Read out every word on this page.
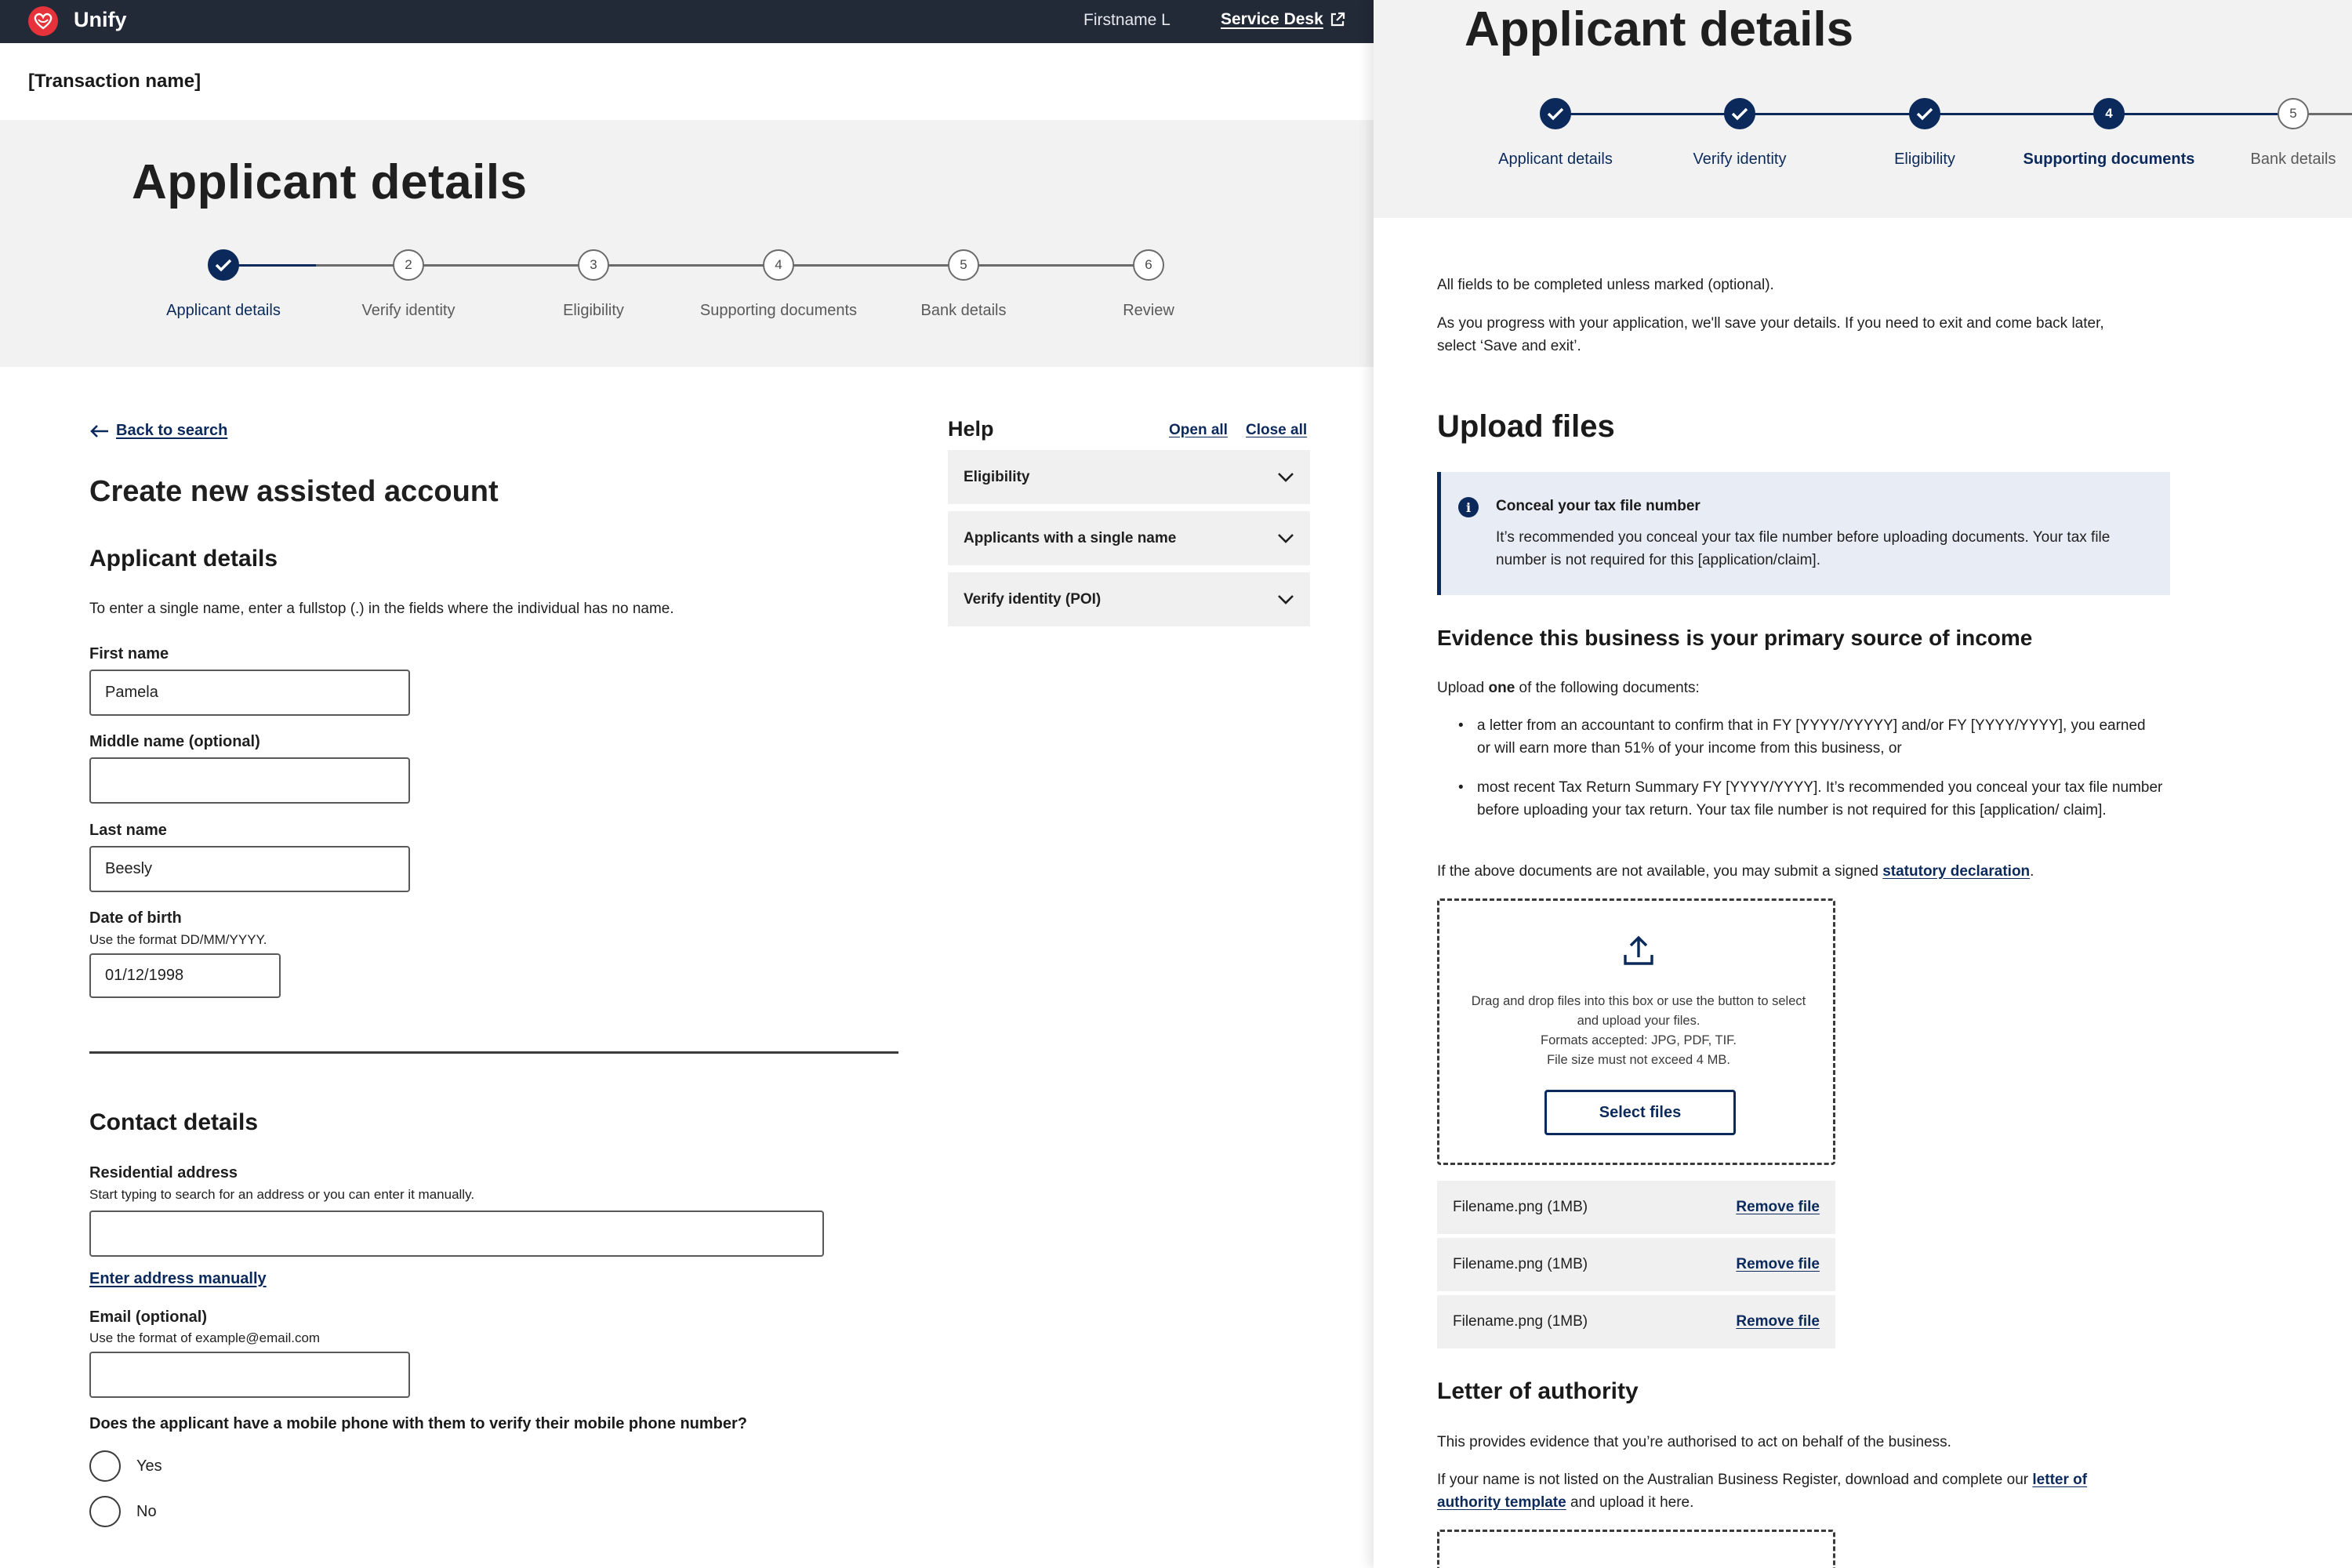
Unify	Firstname L	Service Desk
[Transaction name]
Applicant details
2	3	4	5	6
Applicant details	Verify identity	Eligibility	Supporting documents	Bank details	Review
Back to search
Create new assisted account
Applicant details
To enter a single name, enter a fullstop (.) in the fields where the individual has no name.
First name
Pamela
Middle name (optional)
Last name
Beesly
Date of birth
Use the format DD/MM/YYYY.
01/12/1998
Contact details
Residential address
Start typing to search for an address or you can enter it manually.
Enter address manually
Email (optional)
Use the format of example@email.com
Does the applicant have a mobile phone with them to verify their mobile phone number?
Yes
No
Help	Open all Close all
Eligibility
Applicants with a single name
Verify identity (POI)
Applicant details
4	5
Applicant details	Verify identity	Eligibility	Supporting documents	Bank details
All fields to be completed unless marked (optional).
As you progress with your application, we'll save your details. If you need to exit and come back later, select ‘Save and exit’.
Upload files
i	Conceal your tax file number
It’s recommended you conceal your tax file number before uploading documents. Your tax file number is not required for this [application/claim].
Evidence this business is your primary source of income
Upload one of the following documents:
• a letter from an accountant to confirm that in FY [YYYY/YYYYY] and/or FY [YYYY/YYYY], you earned or will earn more than 51% of your income from this business, or
• most recent Tax Return Summary FY [YYYY/YYYY]. It’s recommended you conceal your tax file number before uploading your tax return. Your tax file number is not required for this [application/ claim].
If the above documents are not available, you may submit a signed statutory declaration.
Drag and drop files into this box or use the button to select and upload your files.
Formats accepted: JPG, PDF, TIF.
File size must not exceed 4 MB.
Select files
Filename.png (1MB)	Remove file
Filename.png (1MB)	Remove file
Filename.png (1MB)	Remove file
Letter of authority
This provides evidence that you’re authorised to act on behalf of the business.
If your name is not listed on the Australian Business Register, download and complete our letter of authority template and upload it here.
